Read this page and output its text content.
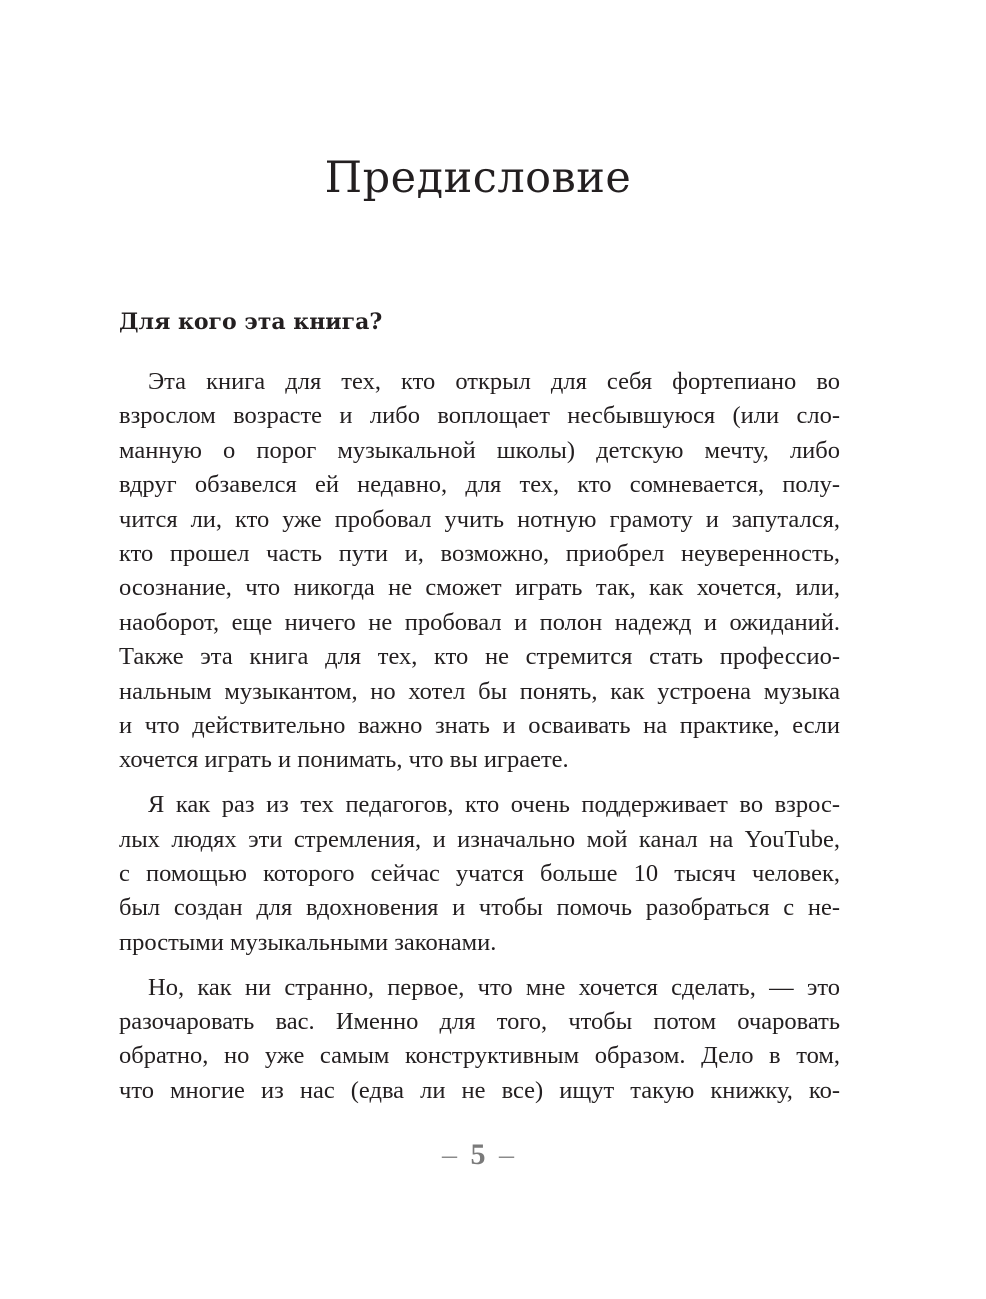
Предисловие
Для кого эта книга?
Эта книга для тех, кто открыл для себя фортепиано во
взрослом возрасте и либо воплощает несбывшуюся (или сло-
манную о порог музыкальной школы) детскую мечту, либо
вдруг обзавелся ей недавно, для тех, кто сомневается, полу-
чится ли, кто уже пробовал учить нотную грамоту и запутался,
кто прошел часть пути и, возможно, приобрел неуверенность,
осознание, что никогда не сможет играть так, как хочется, или,
наоборот, еще ничего не пробовал и полон надежд и ожиданий.
Также эта книга для тех, кто не стремится стать профессио-
нальным музыкантом, но хотел бы понять, как устроена музыка
и что действительно важно знать и осваивать на практике, если
хочется играть и понимать, что вы играете.
Я как раз из тех педагогов, кто очень поддерживает во взрос-
лых людях эти стремления, и изначально мой канал на YouTube,
с помощью которого сейчас учатся больше 10 тысяч человек,
был создан для вдохновения и чтобы помочь разобраться с не-
простыми музыкальными законами.
Но, как ни странно, первое, что мне хочется сделать, — это
разочаровать вас. Именно для того, чтобы потом очаровать
обратно, но уже самым конструктивным образом. Дело в том,
что многие из нас (едва ли не все) ищут такую книжку, ко-
– 5 –
